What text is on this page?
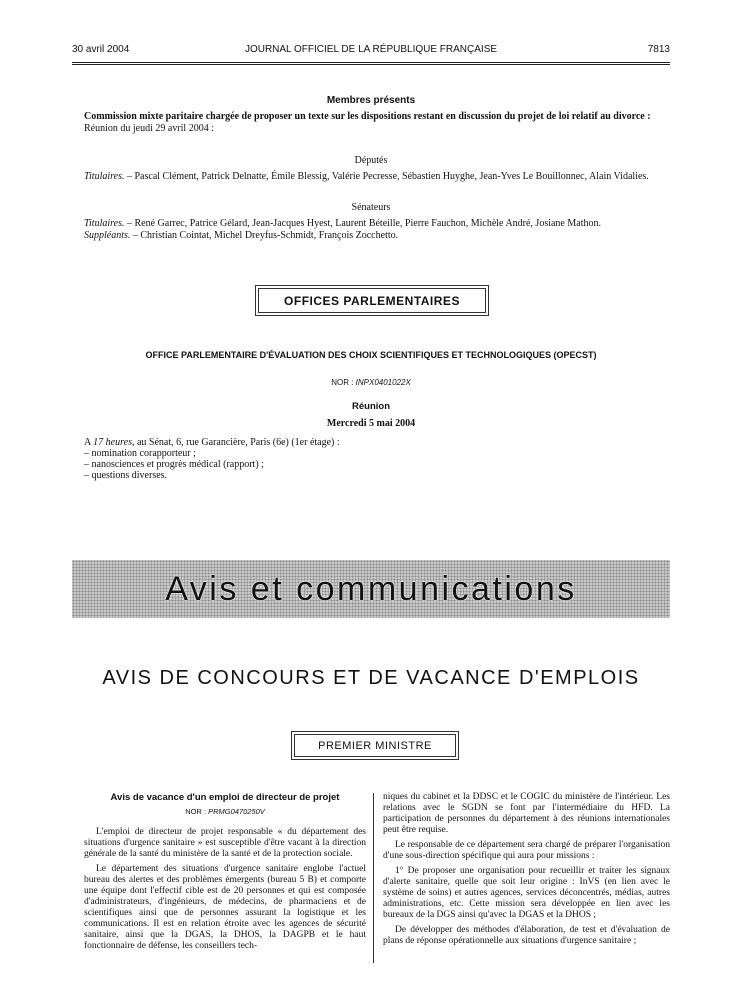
30 avril 2004	JOURNAL OFFICIEL DE LA RÉPUBLIQUE FRANÇAISE	7813
Membres présents

Commission mixte paritaire chargée de proposer un texte sur les dispositions restant en discussion du projet de loi relatif au divorce :

Réunion du jeudi 29 avril 2004 :

Députés

Titulaires. – Pascal Clément, Patrick Delnatte, Émile Blessig, Valérie Pecresse, Sébastien Huyghe, Jean-Yves Le Bouillonnec, Alain Vidalies.

Sénateurs

Titulaires. – René Garrec, Patrice Gélard, Jean-Jacques Hyest, Laurent Béteille, Pierre Fauchon, Michèle André, Josiane Mathon.

Suppléants. – Christian Cointat, Michel Dreyfus-Schmidt, François Zocchetto.

OFFICES PARLEMENTAIRES
OFFICE PARLEMENTAIRE D'ÉVALUATION DES CHOIX SCIENTIFIQUES ET TECHNOLOGIQUES (OPECST)
NOR : INPX0401022X
Réunion
Mercredi 5 mai 2004

A 17 heures, au Sénat, 6, rue Garancière, Paris (6e) (1er étage) :

– nomination corapporteur ;

– nanosciences et progrès médical (rapport) ;

– questions diverses.

Avis et communications
AVIS DE CONCOURS ET DE VACANCE D'EMPLOIS
PREMIER MINISTRE

Avis de vacance d'un emploi de directeur de projet

NOR : PRMG0470250V

L'emploi de directeur de projet responsable « du département des situations d'urgence sanitaire » est susceptible d'être vacant à la direction générale de la santé du ministère de la santé et de la protection sociale.

Le département des situations d'urgence sanitaire englobe l'actuel bureau des alertes et des problèmes émergents (bureau 5 B) et comporte une équipe dont l'effectif cible est de 20 personnes et qui est composée d'administrateurs, d'ingénieurs, de médecins, de pharmaciens et de scientifiques ainsi que de personnes assurant la logistique et les communications. Il est en relation étroite avec les agences de sécurité sanitaire, ainsi que la DGAS, la DHOS, la DAGPB et le haut fonctionnaire de défense, les conseillers tech-

niques du cabinet et la DDSC et le COGIC du ministère de l'intérieur. Les relations avec le SGDN se font par l'intermédiaire du HFD. La participation de personnes du département à des réunions internationales peut être requise.

Le responsable de ce département sera chargé de préparer l'organisation d'une sous-direction spécifique qui aura pour missions :

1° De proposer une organisation pour recueillir et traiter les signaux d'alerte sanitaire, quelle que soit leur origine : InVS (en lien avec le système de soins) et autres agences, services déconcentrés, médias, autres administrations, etc. Cette mission sera développée en lien avec les bureaux de la DGS ainsi qu'avec la DGAS et la DHOS ;

De développer des méthodes d'élaboration, de test et d'évaluation de plans de réponse opérationnelle aux situations d'urgence sanitaire ;
